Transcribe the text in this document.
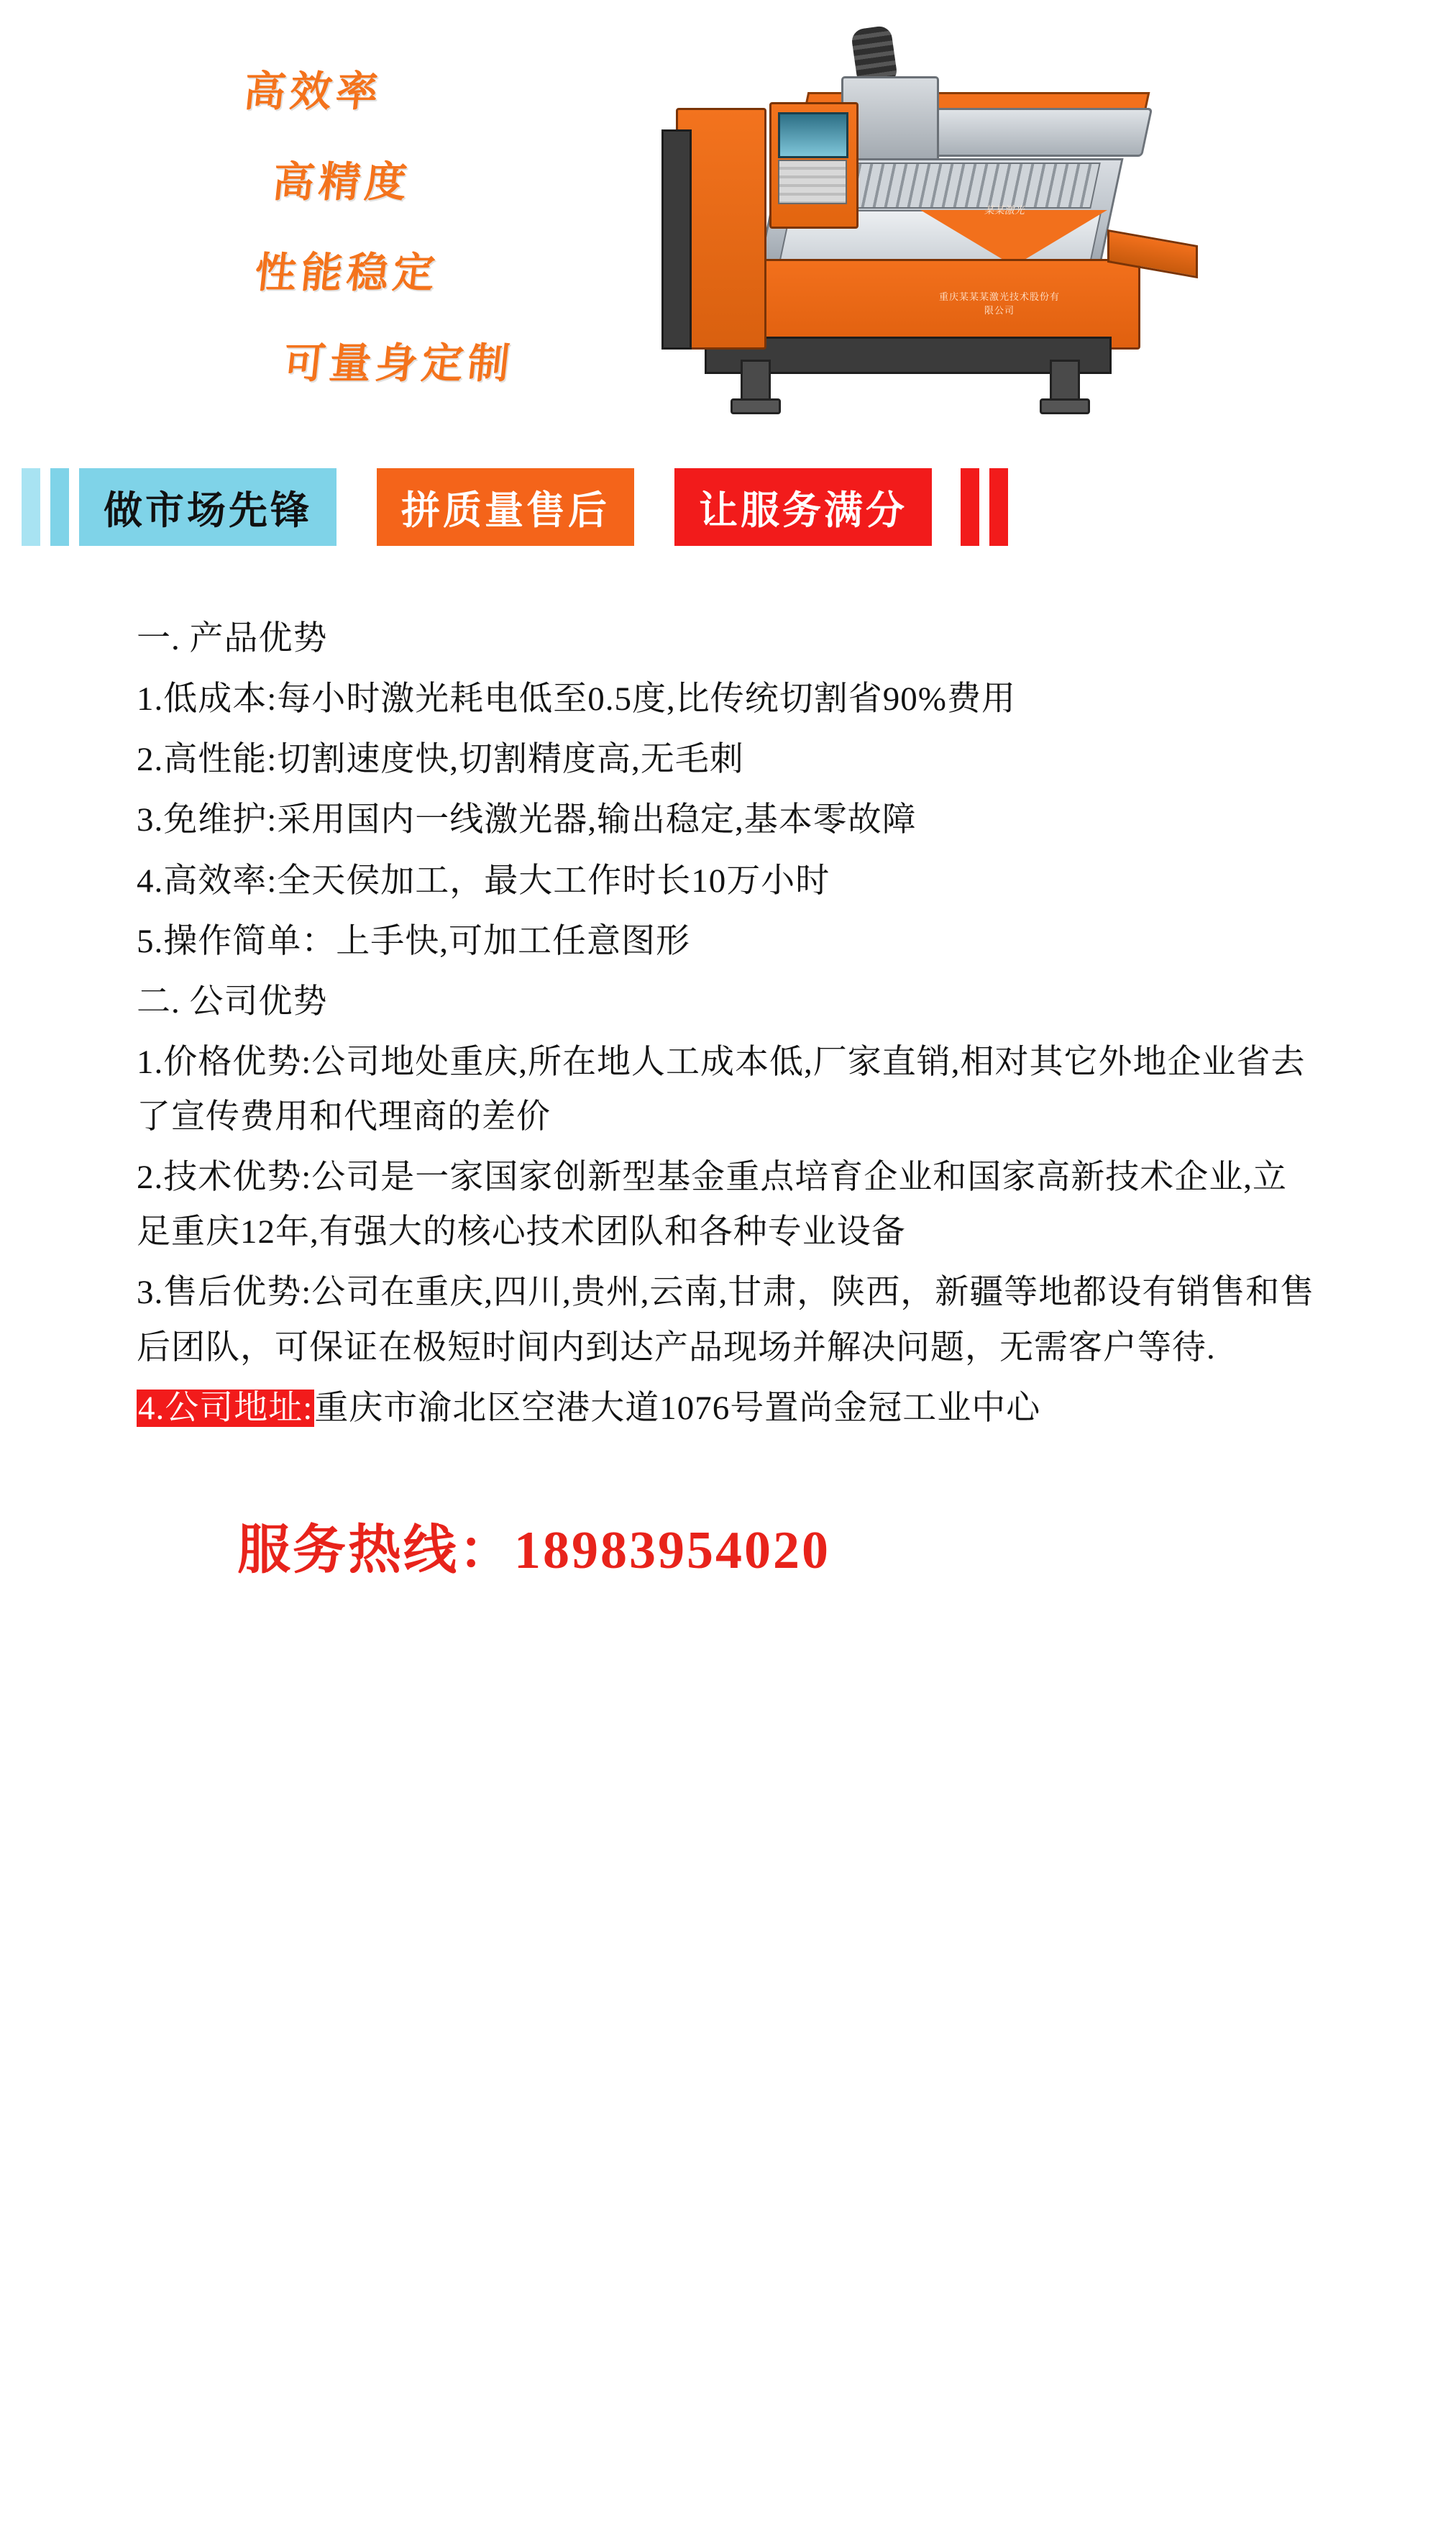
高效率
高精度
性能稳定
可量身定制
重庆某某某激光技术股份有限公司
某某激光
做市场先锋	拼质量售后	让服务满分

一. 产品优势

1.低成本:每小时激光耗电低至0.5度,比传统切割省90%费用

2.高性能:切割速度快,切割精度高,无毛刺

3.免维护:采用国内一线激光器,输出稳定,基本零故障

4.高效率:全天侯加工，最大工作时长10万小时

5.操作简单：上手快,可加工任意图形

二. 公司优势

1.价格优势:公司地处重庆,所在地人工成本低,厂家直销,相对其它外地企业省去了宣传费用和代理商的差价

2.技术优势:公司是一家国家创新型基金重点培育企业和国家高新技术企业,立足重庆12年,有强大的核心技术团队和各种专业设备

3.售后优势:公司在重庆,四川,贵州,云南,甘肃，陕西，新疆等地都设有销售和售后团队，可保证在极短时间内到达产品现场并解决问题，无需客户等待.

4.公司地址:重庆市渝北区空港大道1076号置尚金冠工业中心

服务热线：18983954020
